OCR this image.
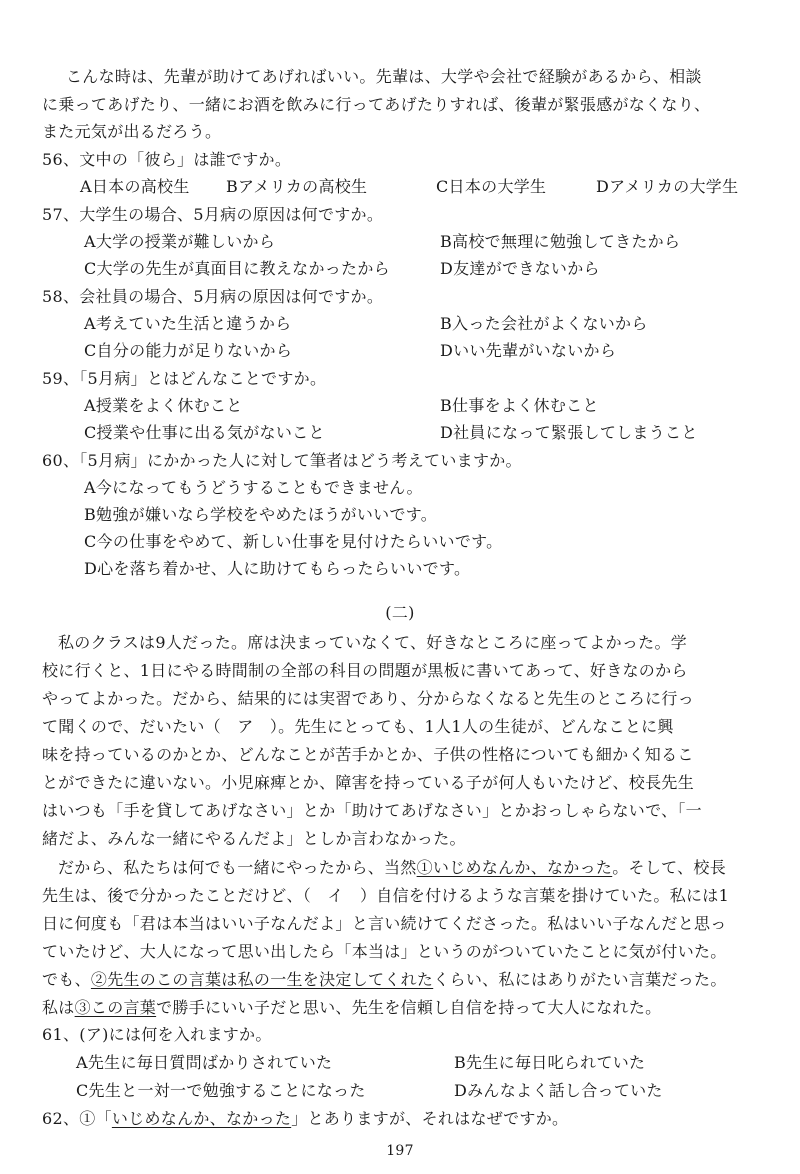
こんな時は、先輩が助けてあげればいい。先輩は、大学や会社で経験があるから、相談
に乗ってあげたり、一緒にお酒を飲みに行ってあげたりすれば、後輩が緊張感がなくなり、
また元気が出るだろう。
56、文中の「彼ら」は誰ですか。
A日本の高校生 Bアメリカの高校生	C日本の大学生	Dアメリカの大学生
57、大学生の場合、5月病の原因は何ですか。
A大学の授業が難しいから	B高校で無理に勉強してきたから
C大学の先生が真面目に教えなかったから	D友達ができないから
58、会社員の場合、5月病の原因は何ですか。
A考えていた生活と違うから	B入った会社がよくないから
C自分の能力が足りないから	Dいい先輩がいないから
59、「5月病」とはどんなことですか。
A授業をよく休むこと	B仕事をよく休むこと
C授業や仕事に出る気がないこと	D社員になって緊張してしまうこと
60、「5月病」にかかった人に対して筆者はどう考えていますか。
A今になってもうどうすることもできません。
B勉強が嫌いなら学校をやめたほうがいいです。
C今の仕事をやめて、新しい仕事を見付けたらいいです。
D心を落ち着かせ、人に助けてもらったらいいです。
(二)
私のクラスは9人だった。席は決まっていなくて、好きなところに座ってよかった。学
校に行くと、1日にやる時間制の全部の科目の問題が黒板に書いてあって、好きなのから
やってよかった。だから、結果的には実習であり、分からなくなると先生のところに行っ
て聞くので、だいたい（　ア　）。先生にとっても、1人1人の生徒が、どんなことに興
味を持っているのかとか、どんなことが苦手かとか、子供の性格についても細かく知るこ
とができたに違いない。小児麻痺とか、障害を持っている子が何人もいたけど、校長先生
はいつも「手を貸してあげなさい」とか「助けてあげなさい」とかおっしゃらないで、「一
緒だよ、みんな一緒にやるんだよ」としか言わなかった。
だから、私たちは何でも一緒にやったから、当然①いじめなんか、なかった。そして、校長
先生は、後で分かったことだけど、（　イ　）自信を付けるような言葉を掛けていた。私には1
日に何度も「君は本当はいい子なんだよ」と言い続けてくださった。私はいい子なんだと思っ
ていたけど、大人になって思い出したら「本当は」というのがついていたことに気が付いた。
でも、②先生のこの言葉は私の一生を決定してくれたくらい、私にはありがたい言葉だった。
私は③この言葉で勝手にいい子だと思い、先生を信頼し自信を持って大人になれた。
61、(ア)には何を入れますか。
A先生に毎日質問ばかりされていた	B先生に毎日叱られていた
C先生と一対一で勉強することになった	Dみんなよく話し合っていた
62、①「いじめなんか、なかった」とありますが、それはなぜですか。
197
